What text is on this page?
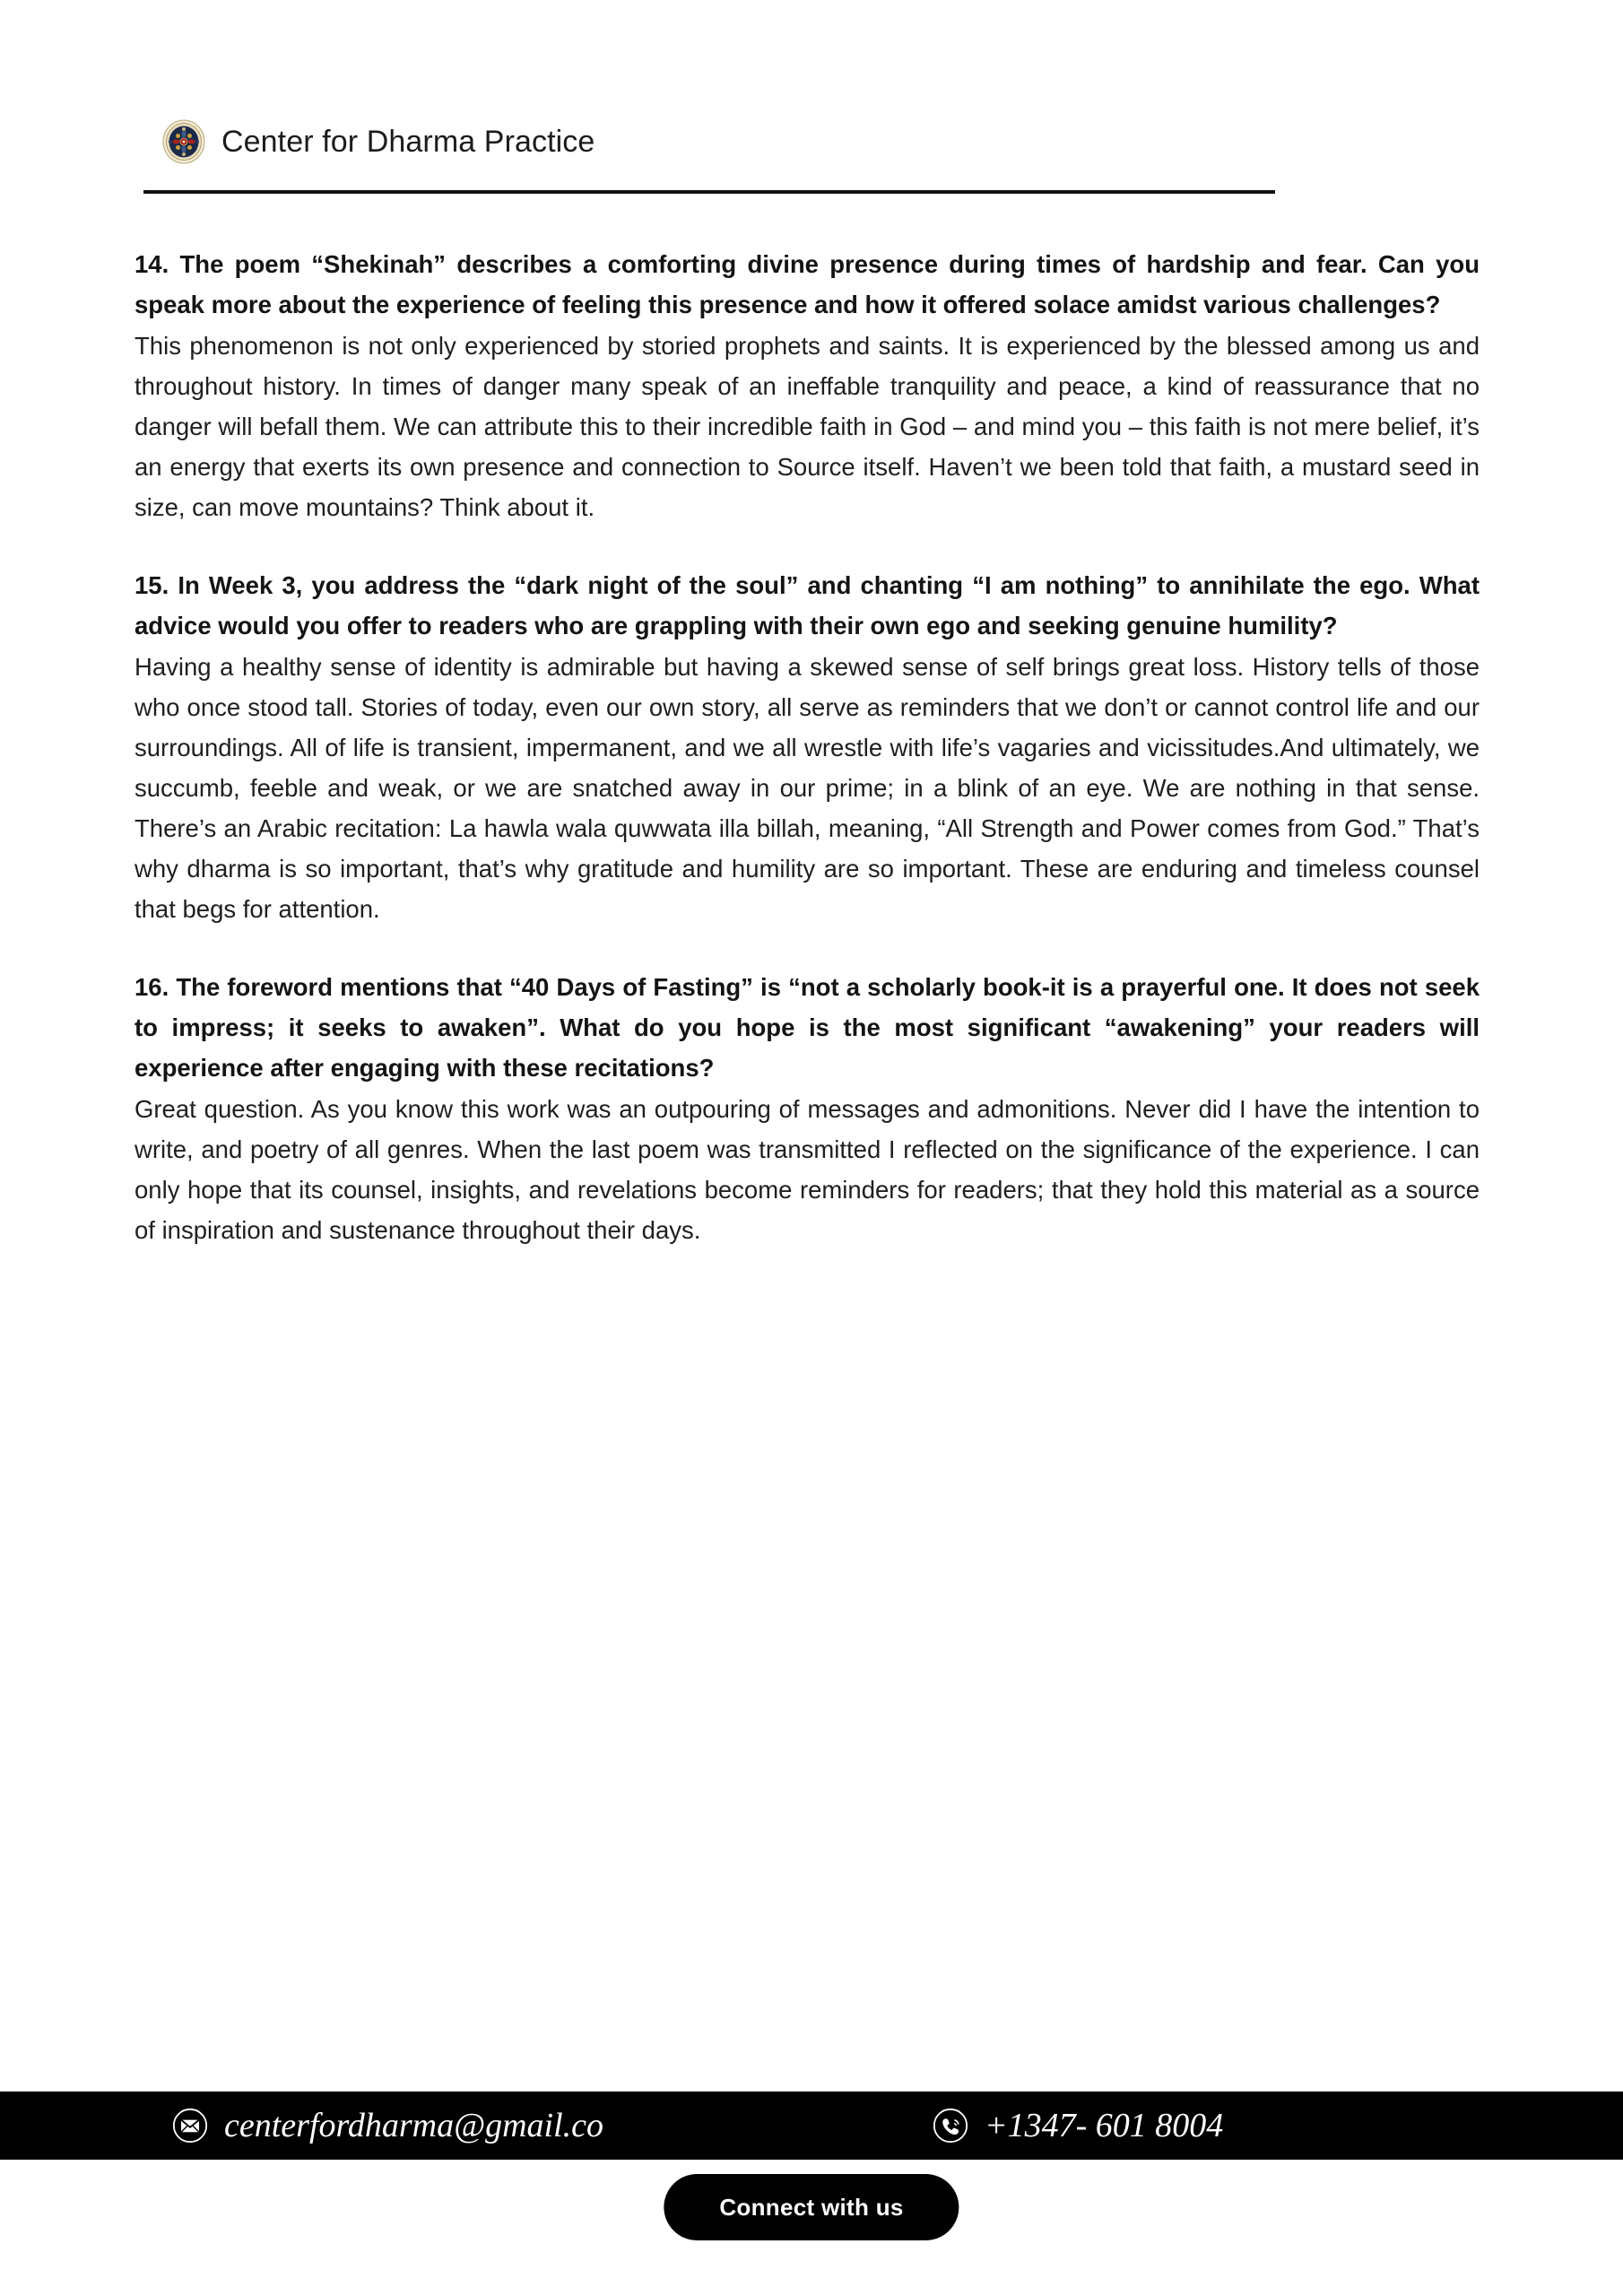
Center for Dharma Practice

14. The poem “Shekinah” describes a comforting divine presence during times of hardship and fear. Can you speak more about the experience of feeling this presence and how it offered solace amidst various challenges?

This phenomenon is not only experienced by storied prophets and saints. It is experienced by the blessed among us and throughout history. In times of danger many speak of an ineffable tranquility and peace, a kind of reassurance that no danger will befall them. We can attribute this to their incredible faith in God – and mind you – this faith is not mere belief, it’s an energy that exerts its own presence and connection to Source itself. Haven’t we been told that faith, a mustard seed in size, can move mountains? Think about it.

15. In Week 3, you address the “dark night of the soul” and chanting “I am nothing” to annihilate the ego. What advice would you offer to readers who are grappling with their own ego and seeking genuine humility?

Having a healthy sense of identity is admirable but having a skewed sense of self brings great loss. History tells of those who once stood tall. Stories of today, even our own story, all serve as reminders that we don’t or cannot control life and our surroundings. All of life is transient, impermanent, and we all wrestle with life’s vagaries and vicissitudes.And ultimately, we succumb, feeble and weak, or we are snatched away in our prime; in a blink of an eye. We are nothing in that sense. There’s an Arabic recitation: La hawla wala quwwata illa billah, meaning, “All Strength and Power comes from God.” That’s why dharma is so important, that’s why gratitude and humility are so important. These are enduring and timeless counsel that begs for attention.

16. The foreword mentions that “40 Days of Fasting” is “not a scholarly book-it is a prayerful one. It does not seek to impress; it seeks to awaken”. What do you hope is the most significant “awakening” your readers will experience after engaging with these recitations?

Great question. As you know this work was an outpouring of messages and admonitions. Never did I have the intention to write, and poetry of all genres. When the last poem was transmitted I reflected on the significance of the experience. I can only hope that its counsel, insights, and revelations become reminders for readers; that they hold this material as a source of inspiration and sustenance throughout their days.

centerfordharma@gmail.co	+1347- 601 8004
Connect with us
